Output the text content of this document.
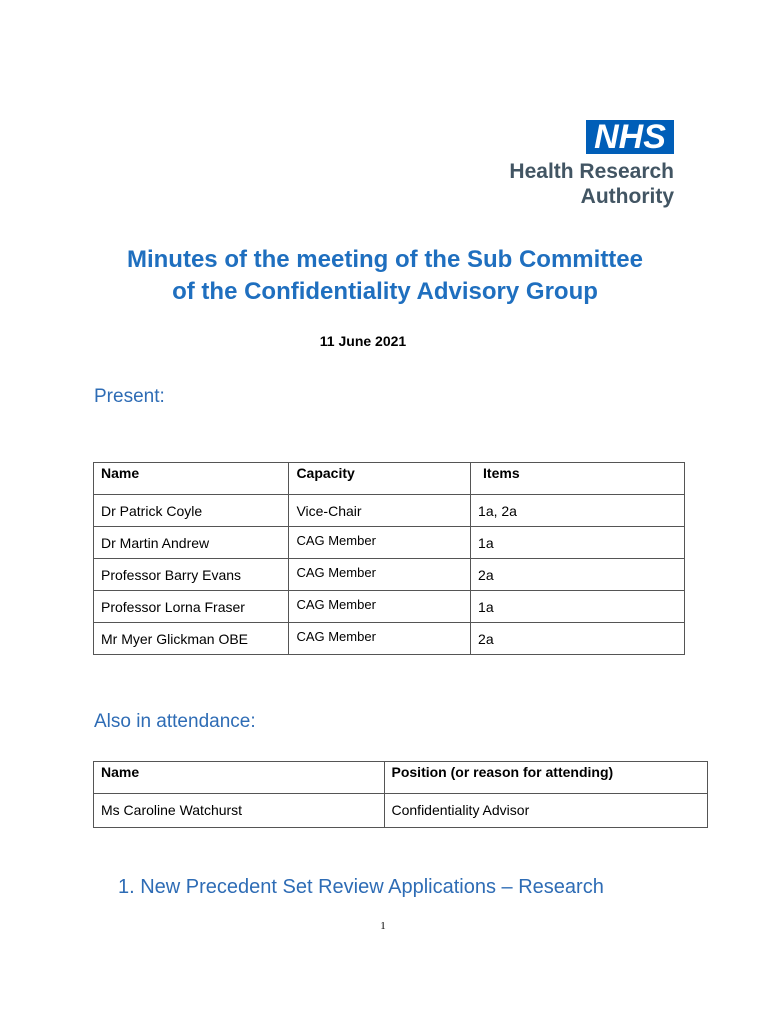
NHS
Health Research
Authority
Minutes of the meeting of the Sub Committee
of the Confidentiality Advisory Group
11 June 2021
Present:
Name	Capacity	Items
Dr Patrick Coyle	Vice-Chair	1a, 2a
Dr Martin Andrew	CAG Member	1a
Professor Barry Evans	CAG Member	2a
Professor Lorna Fraser	CAG Member	1a
Mr Myer Glickman OBE	CAG Member	2a
Also in attendance:
Name	Position (or reason for attending)
Ms Caroline Watchurst	Confidentiality Advisor
1. New Precedent Set Review Applications – Research
1
